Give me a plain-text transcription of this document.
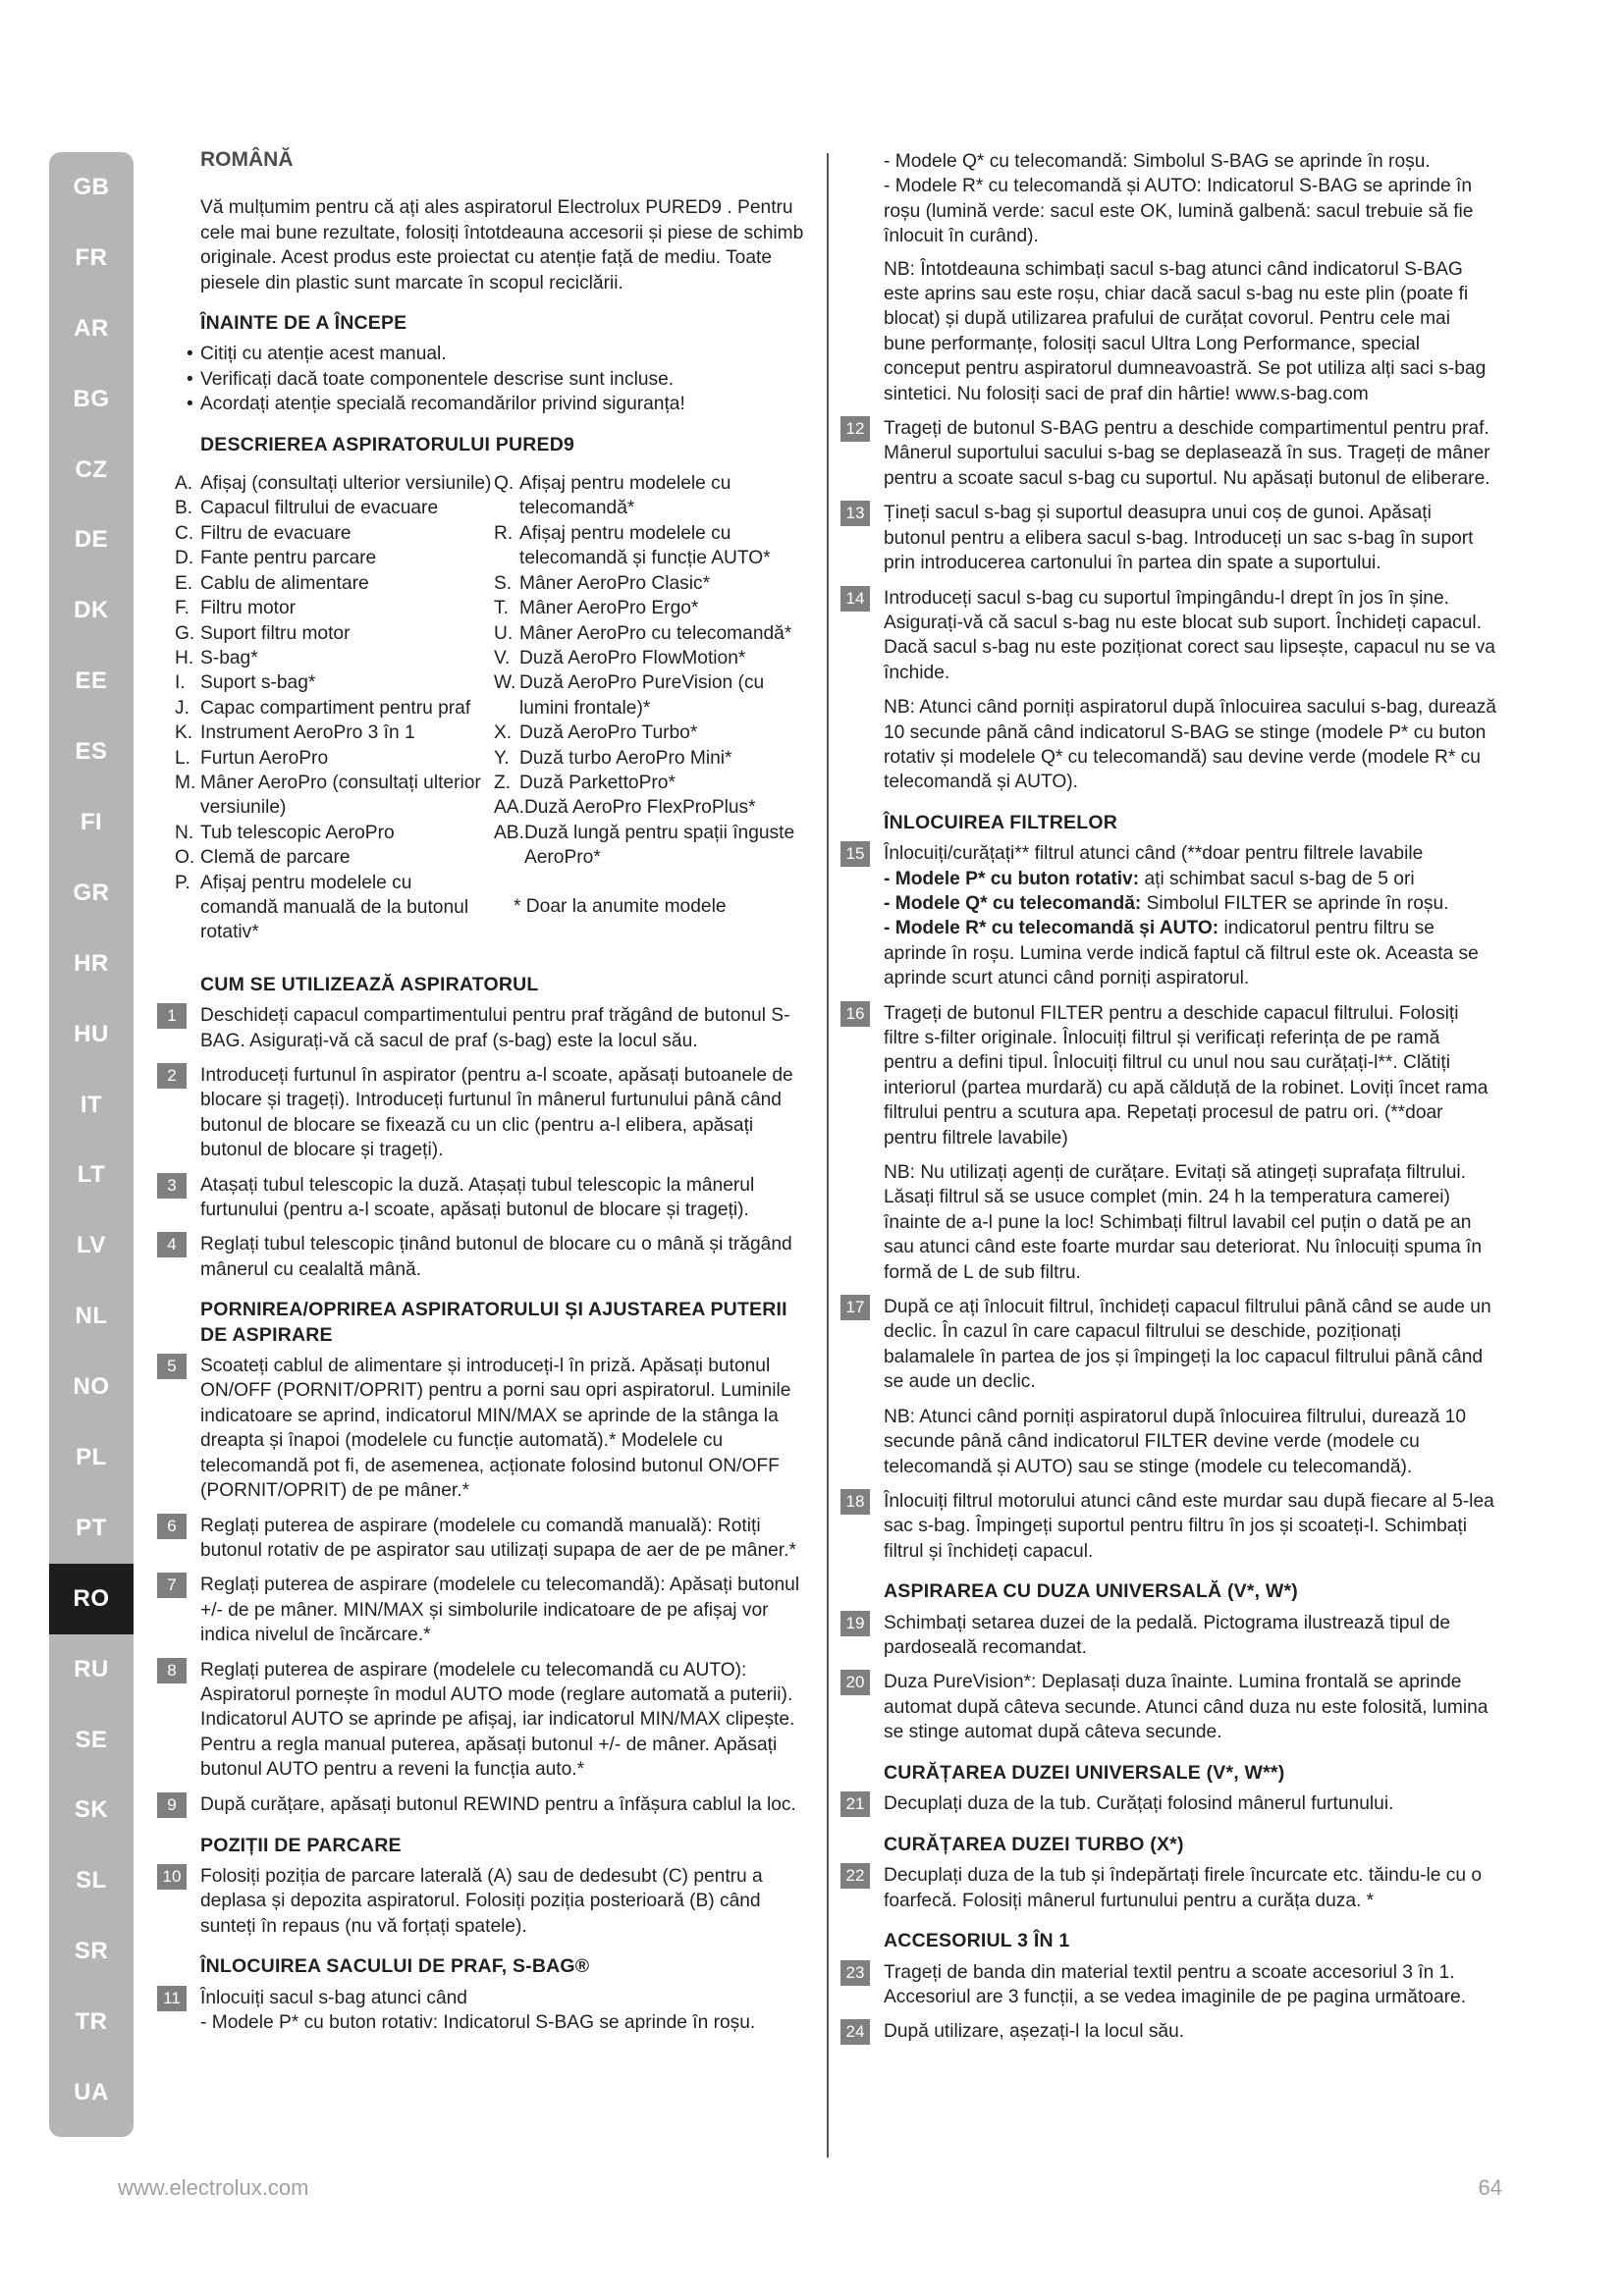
GB
FR
AR
BG
CZ
DE
DK
EE
ES
FI
GR
HR
HU
IT
LT
LV
NL
NO
PL
PT
RO
RU
SE
SK
SL
SR
TR
UA
ROMÂNĂ
Vă mulțumim pentru că ați ales aspiratorul Electrolux PURED9 . Pentru cele mai bune rezultate, folosiți întotdeauna accesorii și piese de schimb originale. Acest produs este proiectat cu atenție față de mediu. Toate piesele din plastic sunt marcate în scopul reciclării.
ÎNAINTE DE A ÎNCEPE
• Citiți cu atenție acest manual.
• Verificați dacă toate componentele descrise sunt incluse.
• Acordați atenție specială recomandărilor privind siguranța!
DESCRIEREA ASPIRATORULUI PURED9
A. Afișaj (consultați ulterior versiunile)
B. Capacul filtrului de evacuare
C. Filtru de evacuare
D. Fante pentru parcare
E. Cablu de alimentare
F. Filtru motor
G. Suport filtru motor
H. S-bag*
I. Suport s-bag*
J. Capac compartiment pentru praf
K. Instrument AeroPro 3 în 1
L. Furtun AeroPro
M. Mâner AeroPro (consultați ulterior versiunile)
N. Tub telescopic AeroPro
O. Clemă de parcare
P. Afișaj pentru modelele cu comandă manuală de la butonul rotativ*
Q. Afișaj pentru modelele cu telecomandă*
R. Afișaj pentru modelele cu telecomandă și funcție AUTO*
S. Mâner AeroPro Clasic*
T. Mâner AeroPro Ergo*
U. Mâner AeroPro cu telecomandă*
V. Duză AeroPro FlowMotion*
W. Duză AeroPro PureVision (cu lumini frontale)*
X. Duză AeroPro Turbo*
Y. Duză turbo AeroPro Mini*
Z. Duză ParkettoPro*
AA. Duză AeroPro FlexProPlus*
AB. Duză lungă pentru spații înguste AeroPro*
* Doar la anumite modele
CUM SE UTILIZEAZĂ ASPIRATORUL
1	Deschideți capacul compartimentului pentru praf trăgând de butonul S-BAG. Asigurați-vă că sacul de praf (s-bag) este la locul său.
2	Introduceți furtunul în aspirator (pentru a-l scoate, apăsați butoanele de blocare și trageți). Introduceți furtunul în mânerul furtunului până când butonul de blocare se fixează cu un clic (pentru a-l elibera, apăsați butonul de blocare și trageți).
3	Atașați tubul telescopic la duză. Atașați tubul telescopic la mânerul furtunului (pentru a-l scoate, apăsați butonul de blocare și trageți).
4	Reglați tubul telescopic ținând butonul de blocare cu o mână și trăgând mânerul cu cealaltă mână.
PORNIREA/OPRIREA ASPIRATORULUI ȘI AJUSTAREA PUTERII DE ASPIRARE
5	Scoateți cablul de alimentare și introduceți-l în priză. Apăsați butonul ON/OFF (PORNIT/OPRIT) pentru a porni sau opri aspiratorul. Luminile indicatoare se aprind, indicatorul MIN/MAX se aprinde de la stânga la dreapta și înapoi (modelele cu funcție automată).* Modelele cu telecomandă pot fi, de asemenea, acționate folosind butonul ON/OFF (PORNIT/OPRIT) de pe mâner.*
6	Reglați puterea de aspirare (modelele cu comandă manuală): Rotiți butonul rotativ de pe aspirator sau utilizați supapa de aer de pe mâner.*
7	Reglați puterea de aspirare (modelele cu telecomandă): Apăsați butonul +/- de pe mâner. MIN/MAX și simbolurile indicatoare de pe afișaj vor indica nivelul de încărcare.*
8	Reglați puterea de aspirare (modelele cu telecomandă cu AUTO): Aspiratorul pornește în modul AUTO mode (reglare automată a puterii). Indicatorul AUTO se aprinde pe afișaj, iar indicatorul MIN/MAX clipește. Pentru a regla manual puterea, apăsați butonul +/- de mâner. Apăsați butonul AUTO pentru a reveni la funcția auto.*
9	După curățare, apăsați butonul REWIND pentru a înfășura cablul la loc.
POZIȚII DE PARCARE
10 Folosiți poziția de parcare laterală (A) sau de dedesubt (C) pentru a deplasa și depozita aspiratorul. Folosiți poziția posterioară (B) când sunteți în repaus (nu vă forțați spatele).
ÎNLOCUIREA SACULUI DE PRAF, S-BAG®
11	Înlocuiți sacul s-bag atunci când
- Modele P* cu buton rotativ: Indicatorul S-BAG se aprinde în roșu.
- Modele Q* cu telecomandă: Simbolul S-BAG se aprinde în roșu.
- Modele R* cu telecomandă și AUTO: Indicatorul S-BAG se aprinde în roșu (lumină verde: sacul este OK, lumină galbenă: sacul trebuie să fie înlocuit în curând).
NB: Întotdeauna schimbați sacul s-bag atunci când indicatorul S-BAG este aprins sau este roșu, chiar dacă sacul s-bag nu este plin (poate fi blocat) și după utilizarea prafului de curățat covorul. Pentru cele mai bune performanțe, folosiți sacul Ultra Long Performance, special conceput pentru aspiratorul dumneavoastră. Se pot utiliza alți saci s-bag sintetici. Nu folosiți saci de praf din hârtie! www.s-bag.com
12 Trageți de butonul S-BAG pentru a deschide compartimentul pentru praf. Mânerul suportului sacului s-bag se deplasează în sus. Trageți de mâner pentru a scoate sacul s-bag cu suportul. Nu apăsați butonul de eliberare.
13 Țineți sacul s-bag și suportul deasupra unui coș de gunoi. Apăsați butonul pentru a elibera sacul s-bag. Introduceți un sac s-bag în suport prin introducerea cartonului în partea din spate a suportului.
14 Introduceți sacul s-bag cu suportul împingându-l drept în jos în șine. Asigurați-vă că sacul s-bag nu este blocat sub suport. Închideți capacul. Dacă sacul s-bag nu este poziționat corect sau lipsește, capacul nu se va închide.
NB: Atunci când porniți aspiratorul după înlocuirea sacului s-bag, durează 10 secunde până când indicatorul S-BAG se stinge (modele P* cu buton rotativ și modelele Q* cu telecomandă) sau devine verde (modele R* cu telecomandă și AUTO).
ÎNLOCUIREA FILTRELOR
15 Înlocuiți/curățați** filtrul atunci când (**doar pentru filtrele lavabile
- Modele P* cu buton rotativ: ați schimbat sacul s-bag de 5 ori
- Modele Q* cu telecomandă: Simbolul FILTER se aprinde în roșu.
- Modele R* cu telecomandă și AUTO: indicatorul pentru filtru se aprinde în roșu. Lumina verde indică faptul că filtrul este ok. Aceasta se aprinde scurt atunci când porniți aspiratorul.
16 Trageți de butonul FILTER pentru a deschide capacul filtrului. Folosiți filtre s-filter originale. Înlocuiți filtrul și verificați referința de pe ramă pentru a defini tipul. Înlocuiți filtrul cu unul nou sau curățați-l**. Clătiți interiorul (partea murdară) cu apă călduță de la robinet. Loviți încet rama filtrului pentru a scutura apa. Repetați procesul de patru ori. (**doar pentru filtrele lavabile)
NB: Nu utilizați agenți de curățare. Evitați să atingeți suprafața filtrului. Lăsați filtrul să se usuce complet (min. 24 h la temperatura camerei) înainte de a-l pune la loc! Schimbați filtrul lavabil cel puțin o dată pe an sau atunci când este foarte murdar sau deteriorat. Nu înlocuiți spuma în formă de L de sub filtru.
17 După ce ați înlocuit filtrul, închideți capacul filtrului până când se aude un declic. În cazul în care capacul filtrului se deschide, poziționați balamalele în partea de jos și împingeți la loc capacul filtrului până când se aude un declic.
NB: Atunci când porniți aspiratorul după înlocuirea filtrului, durează 10 secunde până când indicatorul FILTER devine verde (modele cu telecomandă și AUTO) sau se stinge (modele cu telecomandă).
18 Înlocuiți filtrul motorului atunci când este murdar sau după fiecare al 5-lea sac s-bag. Împingeți suportul pentru filtru în jos și scoateți-l. Schimbați filtrul și închideți capacul.
ASPIRAREA CU DUZA UNIVERSALĂ (V*, W*)
19 Schimbați setarea duzei de la pedală. Pictograma ilustrează tipul de pardoseală recomandat.
20 Duza PureVision*: Deplasați duza înainte. Lumina frontală se aprinde automat după câteva secunde. Atunci când duza nu este folosită, lumina se stinge automat după câteva secunde.
CURĂȚAREA DUZEI UNIVERSALE (V*, W**)
21 Decuplați duza de la tub. Curățați folosind mânerul furtunului.
CURĂȚAREA DUZEI TURBO (X*)
22 Decuplați duza de la tub și îndepărtați firele încurcate etc. tăindu-le cu o foarfecă. Folosiți mânerul furtunului pentru a curăța duza. *
ACCESORIUL 3 ÎN 1
23 Trageți de banda din material textil pentru a scoate accesoriul 3 în 1. Accesoriul are 3 funcții, a se vedea imaginile de pe pagina următoare.
24 După utilizare, așezați-l la locul său.
www.electrolux.com	64
